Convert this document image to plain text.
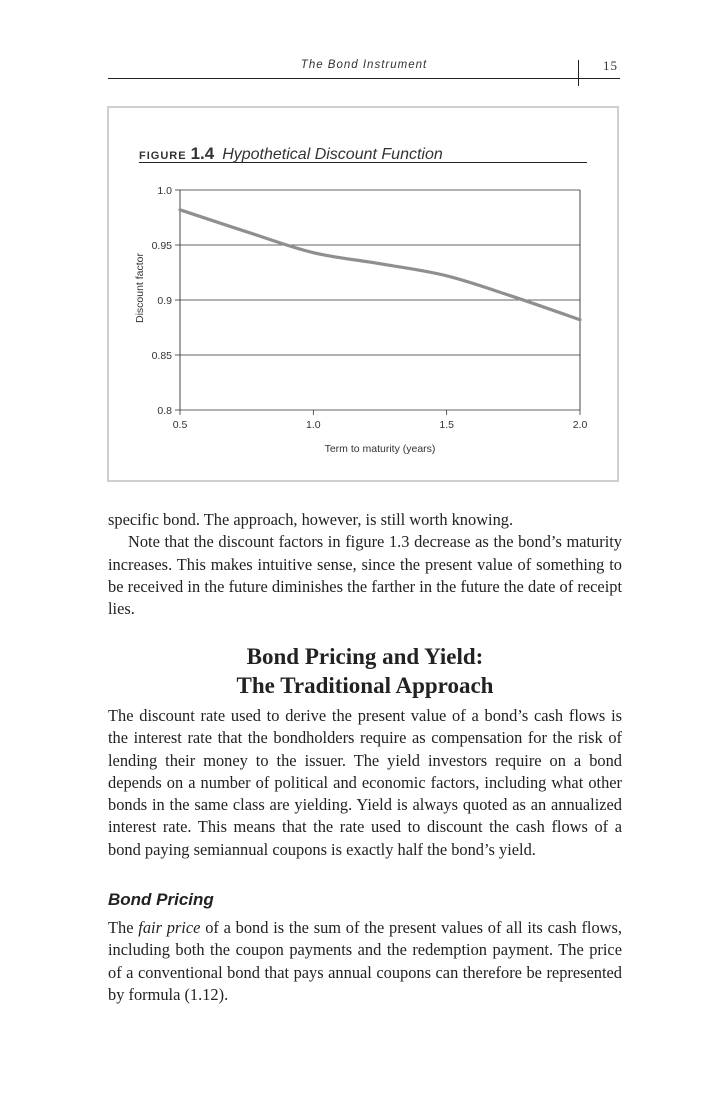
The Bond Instrument	15
FIGURE 1.4 Hypothetical Discount Function
0.8
0.85
0.9
0.95
1.0
0.5	1.0	1.5	2.0
Term to maturity (years)
Discount factor

specific bond. The approach, however, is still worth knowing.
Note that the discount factors in figure 1.3 decrease as the bond’s maturity increases. This makes intuitive sense, since the present value of something to be received in the future diminishes the farther in the future the date of receipt lies.

Bond Pricing and Yield:
The Traditional Approach

The discount rate used to derive the present value of a bond’s cash flows is the interest rate that the bondholders require as compensation for the risk of lending their money to the issuer. The yield investors require on a bond depends on a number of political and economic factors, including what other bonds in the same class are yielding. Yield is always quoted as an annualized interest rate. This means that the rate used to discount the cash flows of a bond paying semiannual coupons is exactly half the bond’s yield.

Bond Pricing

The fair price of a bond is the sum of the present values of all its cash flows, including both the coupon payments and the redemption payment. The price of a conventional bond that pays annual coupons can therefore be represented by formula (1.12).
